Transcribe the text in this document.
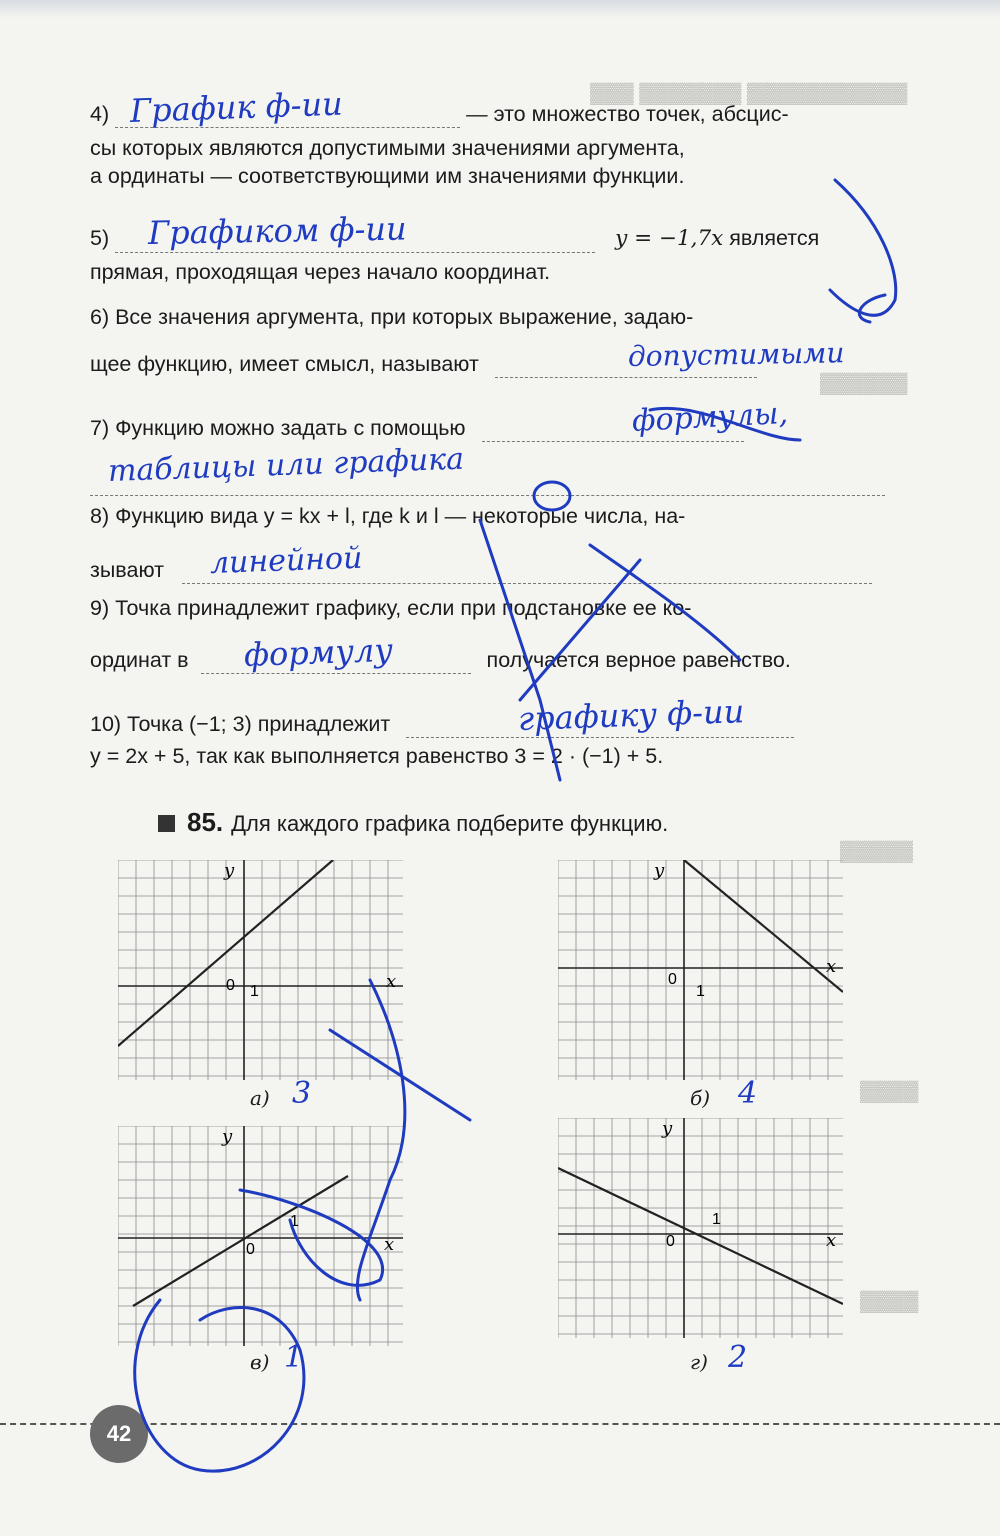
▓▓▓ ▓▓▓▓▓▓▓ ▓▓▓▓▓▓▓▓▓▓▓
▓▓▓▓▓▓
▓▓▓▓▓
▓▓▓▓
▓▓▓▓
4)	— это множество точек, абсцис-
График ф-ии
сы которых являются допустимыми значениями аргумента,
а ординаты — соответствующими им значениями функции.
5)	y = −1,7x является
Графиком ф-ии
прямая, проходящая через начало координат.
6) Все значения аргумента, при которых выражение, задаю-
щее функцию, имеет смысл, называют	допустимыми
7) Функцию можно задать с помощью	формулы,
таблицы или графика
8) Функцию вида y = kx + l, где k и l — некоторые числа, на-
зывают	линейной
9) Точка принадлежит графику, если при подстановке ее ко-
ординат в	получается верное равенство.
формулу
10) Точка (−1; 3) принадлежит	графику ф-ии
y = 2x + 5, так как выполняется равенство 3 = 2 · (−1) + 5.
85. Для каждого графика подберите функцию.
y
x
0 1
а) 3
y
x
0
1
б) 4
y
x
0
1
в) 1
y
x
0
1
г) 2
42
